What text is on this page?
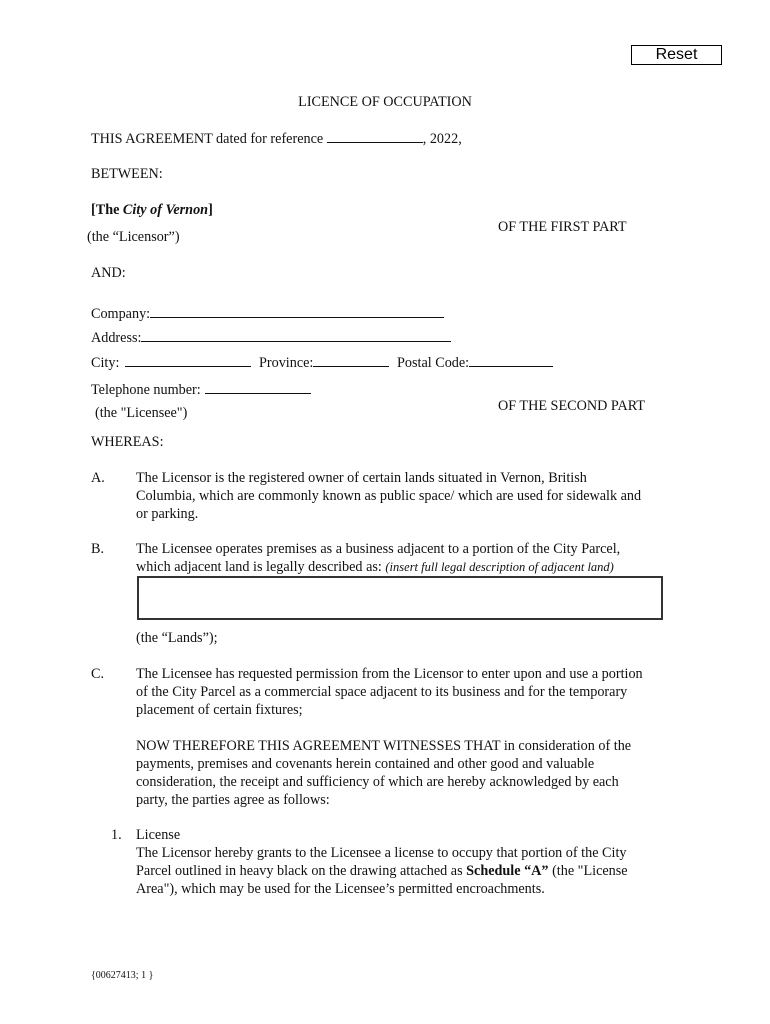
Reset
LICENCE OF OCCUPATION
THIS AGREEMENT dated for reference	, 2022,
BETWEEN:
[The City of Vernon]
OF THE FIRST PART
(the “Licensor”)
AND:
Company:
Address:
City:	Province:	Postal Code:
Telephone number:
OF THE SECOND PART
(the "Licensee")
WHEREAS:
A. The Licensor is the registered owner of certain lands situated in Vernon, British
Columbia, which are commonly known as public space/ which are used for sidewalk and
or parking.
B. The Licensee operates premises as a business adjacent to a portion of the City Parcel,
which adjacent land is legally described as: (insert full legal description of adjacent land)
(the “Lands”);
C. The Licensee has requested permission from the Licensor to enter upon and use a portion
of the City Parcel as a commercial space adjacent to its business and for the temporary
placement of certain fixtures;
NOW THEREFORE THIS AGREEMENT WITNESSES THAT in consideration of the
payments, premises and covenants herein contained and other good and valuable
consideration, the receipt and sufficiency of which are hereby acknowledged by each
party, the parties agree as follows:
1. License
The Licensor hereby grants to the Licensee a license to occupy that portion of the City
Parcel outlined in heavy black on the drawing attached as Schedule “A” (the "License
Area"), which may be used for the Licensee’s permitted encroachments.
{00627413; 1 }
